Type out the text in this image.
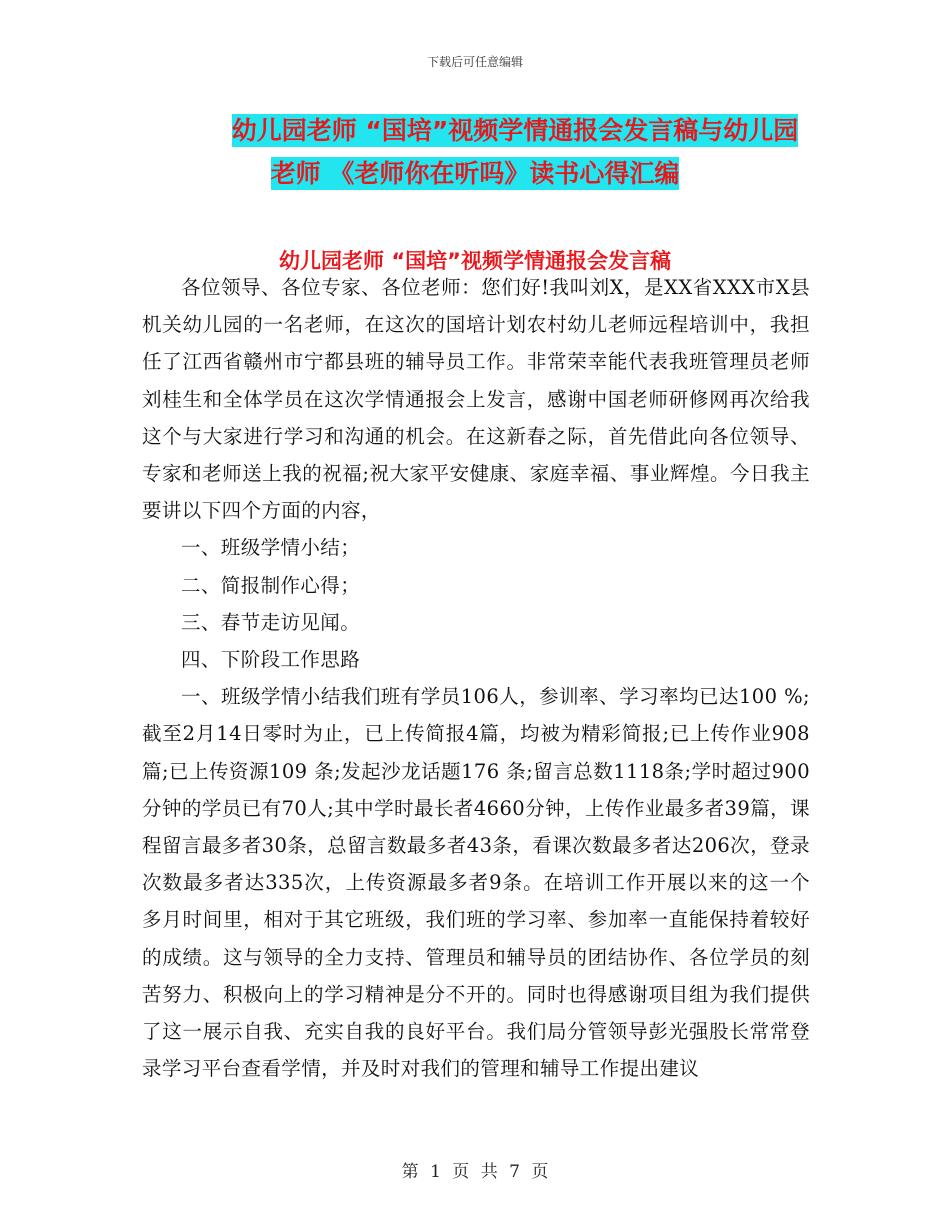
下载后可任意编辑
幼儿园老师 “国培”视频学情通报会发言稿与幼儿园
老师 《老师你在听吗》读书心得汇编
幼儿园老师 “国培”视频学情通报会发言稿

各位领导、各位专家、各位老师：您们好!我叫刘X，是XX省XXX市X县机关幼儿园的一名老师，在这次的国培计划农村幼儿老师远程培训中，我担任了江西省赣州市宁都县班的辅导员工作。非常荣幸能代表我班管理员老师刘桂生和全体学员在这次学情通报会上发言，感谢中国老师研修网再次给我这个与大家进行学习和沟通的机会。在这新春之际，首先借此向各位领导、专家和老师送上我的祝福;祝大家平安健康、家庭幸福、事业辉煌。今日我主要讲以下四个方面的内容，

一、班级学情小结；

二、简报制作心得；

三、春节走访见闻。

四、下阶段工作思路

一、班级学情小结我们班有学员106人，参训率、学习率均已达100 %;截至2月14日零时为止，已上传简报4篇，均被为精彩简报;已上传作业908篇;已上传资源109 条;发起沙龙话题176 条;留言总数1118条;学时超过900分钟的学员已有70人;其中学时最长者4660分钟，上传作业最多者39篇，课程留言最多者30条，总留言数最多者43条，看课次数最多者达206次，登录次数最多者达335次，上传资源最多者9条。在培训工作开展以来的这一个多月时间里，相对于其它班级，我们班的学习率、参加率一直能保持着较好的成绩。这与领导的全力支持、管理员和辅导员的团结协作、各位学员的刻苦努力、积极向上的学习精神是分不开的。同时也得感谢项目组为我们提供了这一展示自我、充实自我的良好平台。我们局分管领导彭光强股长常常登录学习平台查看学情，并及时对我们的管理和辅导工作提出建议

第 1 页 共 7 页
